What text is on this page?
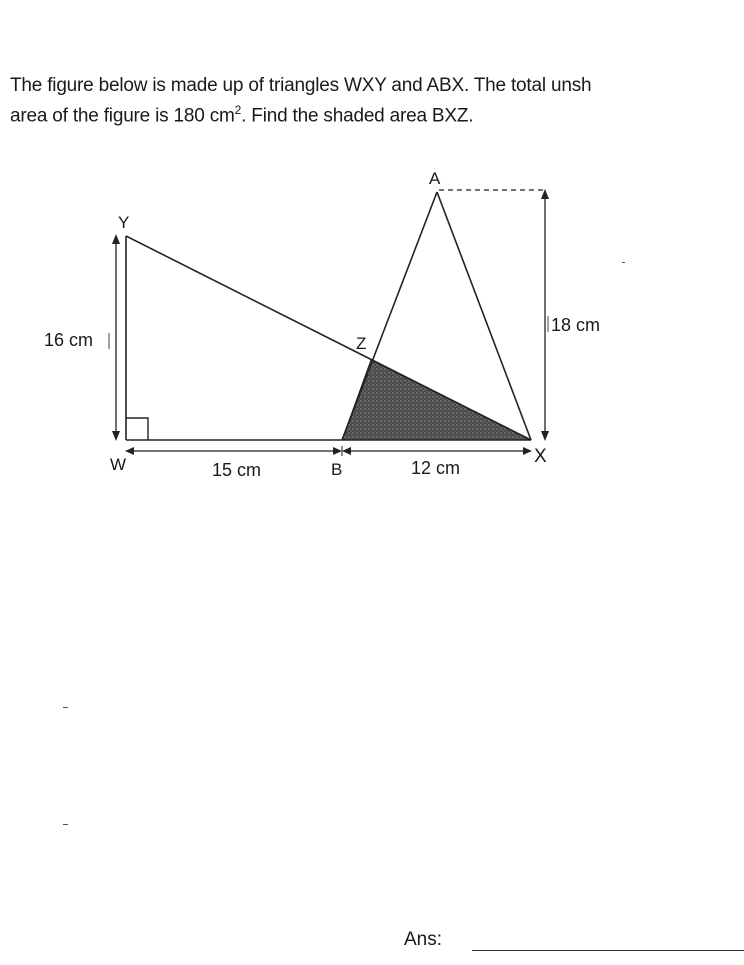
The figure below is made up of triangles WXY and ABX. The total unsh
area of the figure is 180 $cm^2$. Find the shaded area BXZ.
Y
W	B
X
A
Z
16 cm
15 cm	12 cm
18 cm
Ans:
